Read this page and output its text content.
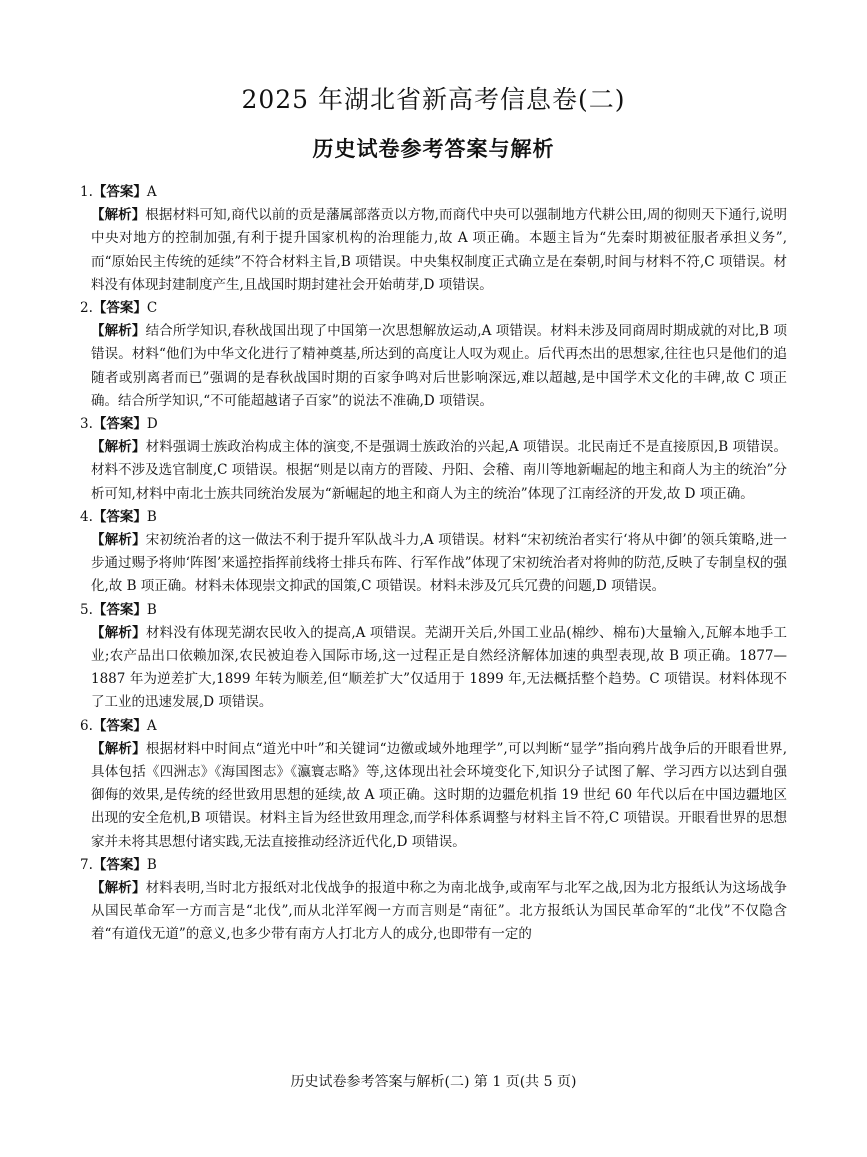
2025 年湖北省新高考信息卷(二)
历史试卷参考答案与解析
1.【答案】A
【解析】根据材料可知,商代以前的贡是藩属部落贡以方物,而商代中央可以强制地方代耕公田,周的彻则天下通行,说明中央对地方的控制加强,有利于提升国家机构的治理能力,故 A 项正确。本题主旨为“先秦时期被征服者承担义务”,而“原始民主传统的延续”不符合材料主旨,B 项错误。中央集权制度正式确立是在秦朝,时间与材料不符,C 项错误。材料没有体现封建制度产生,且战国时期封建社会开始萌芽,D 项错误。
2.【答案】C
【解析】结合所学知识,春秋战国出现了中国第一次思想解放运动,A 项错误。材料未涉及同商周时期成就的对比,B 项错误。材料“他们为中华文化进行了精神奠基,所达到的高度让人叹为观止。后代再杰出的思想家,往往也只是他们的追随者或别离者而已”强调的是春秋战国时期的百家争鸣对后世影响深远,难以超越,是中国学术文化的丰碑,故 C 项正确。结合所学知识,“不可能超越诸子百家”的说法不准确,D 项错误。
3.【答案】D
【解析】材料强调士族政治构成主体的演变,不是强调士族政治的兴起,A 项错误。北民南迁不是直接原因,B 项错误。材料不涉及选官制度,C 项错误。根据“则是以南方的晋陵、丹阳、会稽、南川等地新崛起的地主和商人为主的统治”分析可知,材料中南北士族共同统治发展为“新崛起的地主和商人为主的统治”体现了江南经济的开发,故 D 项正确。
4.【答案】B
【解析】宋初统治者的这一做法不利于提升军队战斗力,A 项错误。材料“宋初统治者实行‘将从中御’的领兵策略,进一步通过赐予将帅‘阵图’来遥控指挥前线将士排兵布阵、行军作战”体现了宋初统治者对将帅的防范,反映了专制皇权的强化,故 B 项正确。材料未体现崇文抑武的国策,C 项错误。材料未涉及冗兵冗费的问题,D 项错误。
5.【答案】B
【解析】材料没有体现芜湖农民收入的提高,A 项错误。芜湖开关后,外国工业品(棉纱、棉布)大量输入,瓦解本地手工业;农产品出口依赖加深,农民被迫卷入国际市场,这一过程正是自然经济解体加速的典型表现,故 B 项正确。1877—1887 年为逆差扩大,1899 年转为顺差,但“顺差扩大”仅适用于 1899 年,无法概括整个趋势。C 项错误。材料体现不了工业的迅速发展,D 项错误。
6.【答案】A
【解析】根据材料中时间点“道光中叶”和关键词“边徼或域外地理学”,可以判断“显学”指向鸦片战争后的开眼看世界,具体包括《四洲志》《海国图志》《瀛寰志略》等,这体现出社会环境变化下,知识分子试图了解、学习西方以达到自强御侮的效果,是传统的经世致用思想的延续,故 A 项正确。这时期的边疆危机指 19 世纪 60 年代以后在中国边疆地区出现的安全危机,B 项错误。材料主旨为经世致用理念,而学科体系调整与材料主旨不符,C 项错误。开眼看世界的思想家并未将其思想付诸实践,无法直接推动经济近代化,D 项错误。
7.【答案】B
【解析】材料表明,当时北方报纸对北伐战争的报道中称之为南北战争,或南军与北军之战,因为北方报纸认为这场战争从国民革命军一方而言是“北伐”,而从北洋军阀一方而言则是“南征”。北方报纸认为国民革命军的“北伐”不仅隐含着“有道伐无道”的意义,也多少带有南方人打北方人的成分,也即带有一定的
历史试卷参考答案与解析(二) 第 1 页(共 5 页)
